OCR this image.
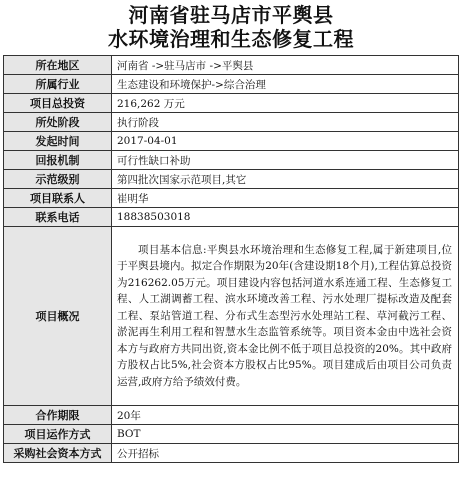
河南省驻马店市平舆县
水环境治理和生态修复工程
所在地区	河南省 ->驻马店市 ->平舆县
所属行业	生态建设和环境保护->综合治理
项目总投资	216,262 万元
所处阶段	执行阶段
发起时间	2017-04-01
回报机制	可行性缺口补助
示范级别	第四批次国家示范项目,其它
项目联系人	崔明华
联系电话	18838503018
项目概况	项目基本信息:平舆县水环境治理和生态修复工程,属于新建项目,位于平舆县境内。拟定合作期限为20年(含建设期18个月),工程估算总投资为216262.05万元。项目建设内容包括河道水系连通工程、生态修复工程、人工湖调蓄工程、滨水环境改善工程、污水处理厂提标改造及配套工程、泵站管道工程、分布式生态型污水处理站工程、草河截污工程、淤泥再生利用工程和智慧水生态监管系统等。项目资本金由中选社会资本方与政府方共同出资,资本金比例不低于项目总投资的20%。其中政府方股权占比5%,社会资本方股权占比95%。项目建成后由项目公司负责运营,政府方给予绩效付费。

合作期限	20年
项目运作方式	BOT
采购社会资本方式	公开招标
